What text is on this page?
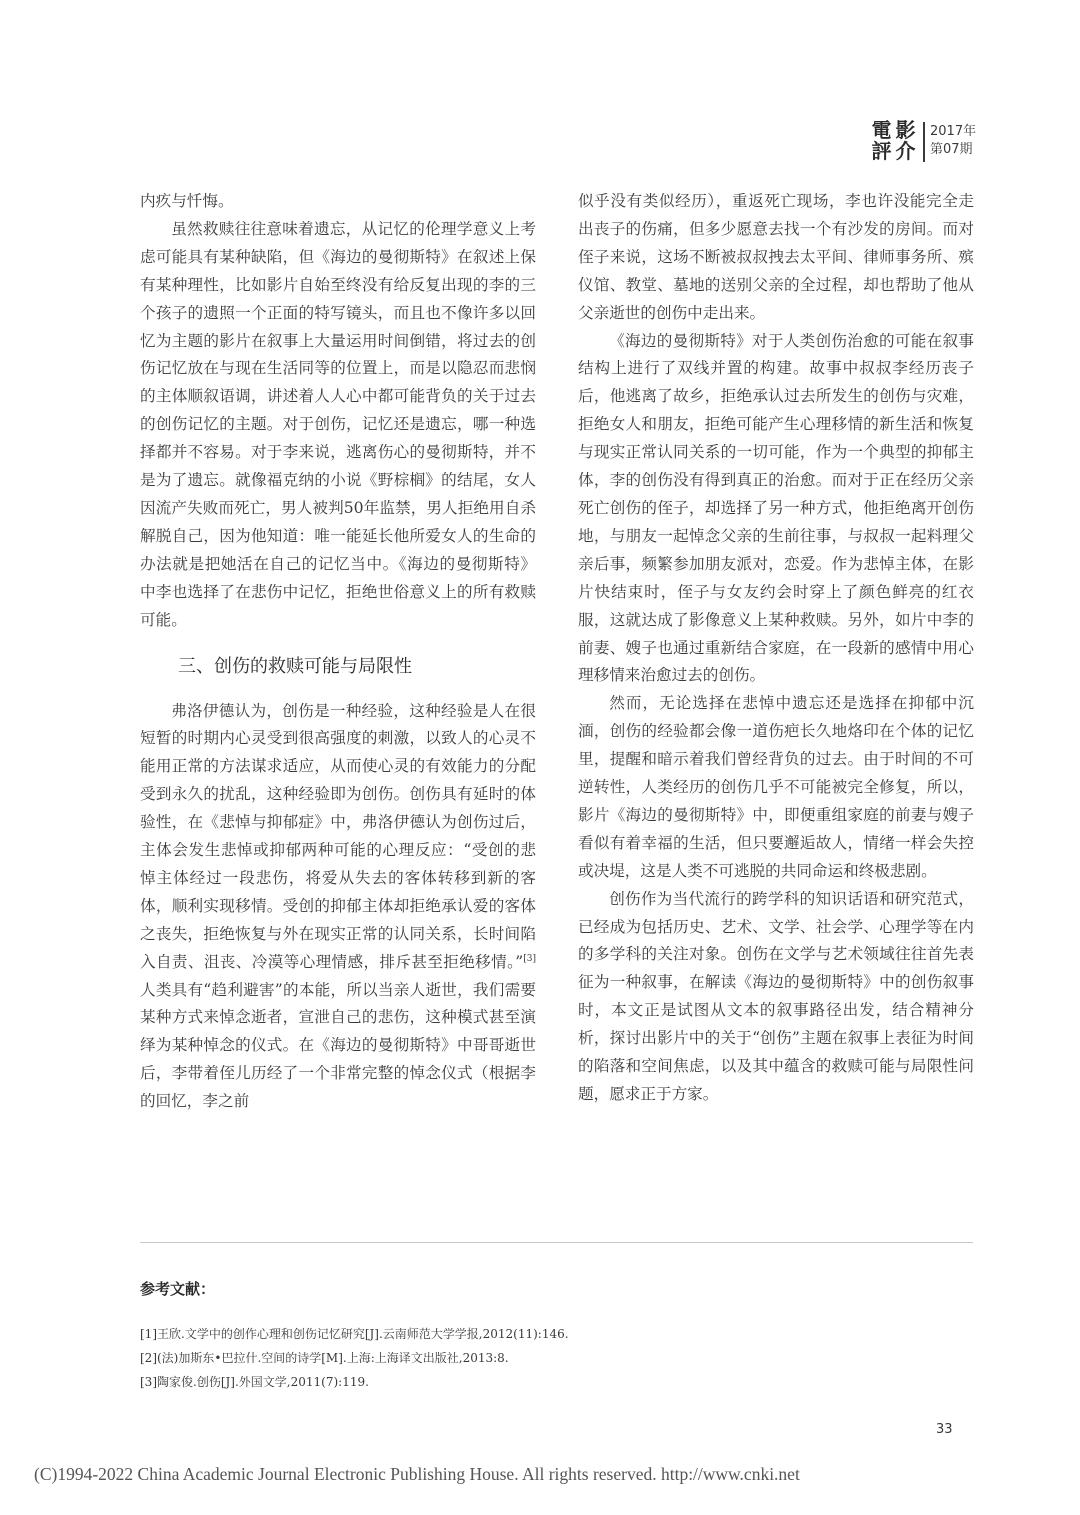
電 影
評 介
2017年
第07期

内疚与忏悔。

虽然救赎往往意味着遗忘，从记忆的伦理学意义上考虑可能具有某种缺陷，但《海边的曼彻斯特》在叙述上保有某种理性，比如影片自始至终没有给反复出现的李的三个孩子的遗照一个正面的特写镜头，而且也不像许多以回忆为主题的影片在叙事上大量运用时间倒错，将过去的创伤记忆放在与现在生活同等的位置上，而是以隐忍而悲悯的主体顺叙语调，讲述着人人心中都可能背负的关于过去的创伤记忆的主题。对于创伤，记忆还是遗忘，哪一种选择都并不容易。对于李来说，逃离伤心的曼彻斯特，并不是为了遗忘。就像福克纳的小说《野棕榈》的结尾，女人因流产失败而死亡，男人被判50年监禁，男人拒绝用自杀解脱自己，因为他知道：唯一能延长他所爱女人的生命的办法就是把她活在自己的记忆当中。《海边的曼彻斯特》中李也选择了在悲伤中记忆，拒绝世俗意义上的所有救赎可能。

三、创伤的救赎可能与局限性

弗洛伊德认为，创伤是一种经验，这种经验是人在很短暂的时期内心灵受到很高强度的刺激，以致人的心灵不能用正常的方法谋求适应，从而使心灵的有效能力的分配受到永久的扰乱，这种经验即为创伤。创伤具有延时的体验性，在《悲悼与抑郁症》中，弗洛伊德认为创伤过后，主体会发生悲悼或抑郁两种可能的心理反应：“受创的悲悼主体经过一段悲伤，将爱从失去的客体转移到新的客体，顺利实现移情。受创的抑郁主体却拒绝承认爱的客体之丧失，拒绝恢复与外在现实正常的认同关系，长时间陷入自责、沮丧、冷漠等心理情感，排斥甚至拒绝移情。”[3]人类具有“趋利避害”的本能，所以当亲人逝世，我们需要某种方式来悼念逝者，宣泄自己的悲伤，这种模式甚至演绎为某种悼念的仪式。在《海边的曼彻斯特》中哥哥逝世后，李带着侄儿历经了一个非常完整的悼念仪式（根据李的回忆，李之前

似乎没有类似经历），重返死亡现场，李也许没能完全走出丧子的伤痛，但多少愿意去找一个有沙发的房间。而对侄子来说，这场不断被叔叔拽去太平间、律师事务所、殡仪馆、教堂、墓地的送别父亲的全过程，却也帮助了他从父亲逝世的创伤中走出来。

《海边的曼彻斯特》对于人类创伤治愈的可能在叙事结构上进行了双线并置的构建。故事中叔叔李经历丧子后，他逃离了故乡，拒绝承认过去所发生的创伤与灾难，拒绝女人和朋友，拒绝可能产生心理移情的新生活和恢复与现实正常认同关系的一切可能，作为一个典型的抑郁主体，李的创伤没有得到真正的治愈。而对于正在经历父亲死亡创伤的侄子，却选择了另一种方式，他拒绝离开创伤地，与朋友一起悼念父亲的生前往事，与叔叔一起料理父亲后事，频繁参加朋友派对，恋爱。作为悲悼主体，在影片快结束时，侄子与女友约会时穿上了颜色鲜亮的红衣服，这就达成了影像意义上某种救赎。另外，如片中李的前妻、嫂子也通过重新结合家庭，在一段新的感情中用心理移情来治愈过去的创伤。

然而，无论选择在悲悼中遗忘还是选择在抑郁中沉湎，创伤的经验都会像一道伤疤长久地烙印在个体的记忆里，提醒和暗示着我们曾经背负的过去。由于时间的不可逆转性，人类经历的创伤几乎不可能被完全修复，所以，影片《海边的曼彻斯特》中，即便重组家庭的前妻与嫂子看似有着幸福的生活，但只要邂逅故人，情绪一样会失控或决堤，这是人类不可逃脱的共同命运和终极悲剧。

创伤作为当代流行的跨学科的知识话语和研究范式，已经成为包括历史、艺术、文学、社会学、心理学等在内的多学科的关注对象。创伤在文学与艺术领域往往首先表征为一种叙事，在解读《海边的曼彻斯特》中的创伤叙事时，本文正是试图从文本的叙事路径出发，结合精神分析，探讨出影片中的关于“创伤”主题在叙事上表征为时间的陷落和空间焦虑，以及其中蕴含的救赎可能与局限性问题，愿求正于方家。

参考文献：
[1]王欣.文学中的创作心理和创伤记忆研究[J].云南师范大学学报,2012(11):146.
[2](法)加斯东•巴拉什.空间的诗学[M].上海:上海译文出版社,2013:8.
[3]陶家俊.创伤[J].外国文学,2011(7):119.
33
(C)1994-2022 China Academic Journal Electronic Publishing House. All rights reserved. http://www.cnki.net
